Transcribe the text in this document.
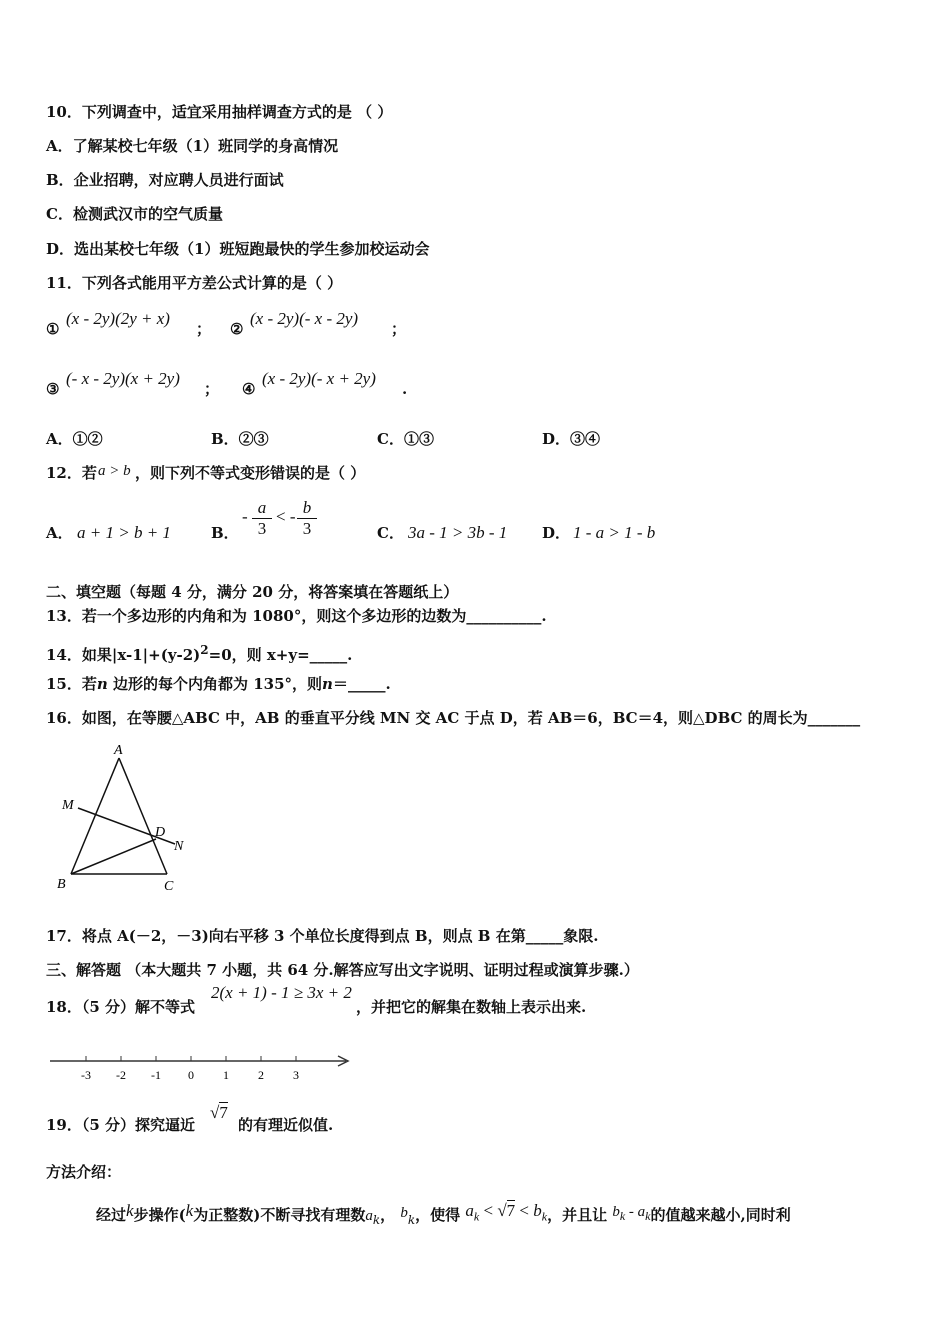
10．下列调查中，适宜采用抽样调查方式的是 （ ）
A．了解某校七年级（1）班同学的身高情况
B．企业招聘，对应聘人员进行面试
C．检测武汉市的空气质量
D．选出某校七年级（1）班短跑最快的学生参加校运动会
11．下列各式能用平方差公式计算的是（ ）
①
(x - 2y)(2y + x)
； ②
(x - 2y)(- x - 2y)
；
③
(- x - 2y)(x + 2y)
； ④
(x - 2y)(- x + 2y)
.
A．①②	B．②③	C．①③	D．③④
12．若 a > b ，则下列不等式变形错误的是（ ）
A． a + 1 > b + 1	B．
- $\frac{a}{3}$ < - $\frac{b}{3}$	C． 3a - 1 > 3b - 1 D． 1 - a > 1 - b
二、填空题（每题 4 分，满分 20 分，将答案填在答题纸上）
13．若一个多边形的内角和为 1080°，则这个多边形的边数为__________.
14．如果$|x-1|+(y-2)^2=0$，则 x+y=_____.
15．若n 边形的每个内角都为 135°，则n＝_____.
16．如图，在等腰△ABC 中，AB 的垂直平分线 MN 交 AC 于点 D，若 AB＝6，BC＝4，则△DBC 的周长为_______
A
M
D
N
B	C
17．将点 A(－2，－3)向右平移 3 个单位长度得到点 B，则点 B 在第_____象限.
三、解答题 （本大题共 7 小题，共 64 分.解答应写出文字说明、证明过程或演算步骤.）
18．（5 分）解不等式
2(x + 1) - 1 ≥ 3x + 2
，并把它的解集在数轴上表示出来.
-3 -2 -1 0 1 2 3
19．（5 分）探究逼近
√7
的有理近似值.
方法介绍：
经过k步操作(k为正整数)不断寻找有理数$a_k$， $b_k$，使得 $a_k < √7 < b_k$，并且让 $b_k - a_k$的值越来越小,同时利
